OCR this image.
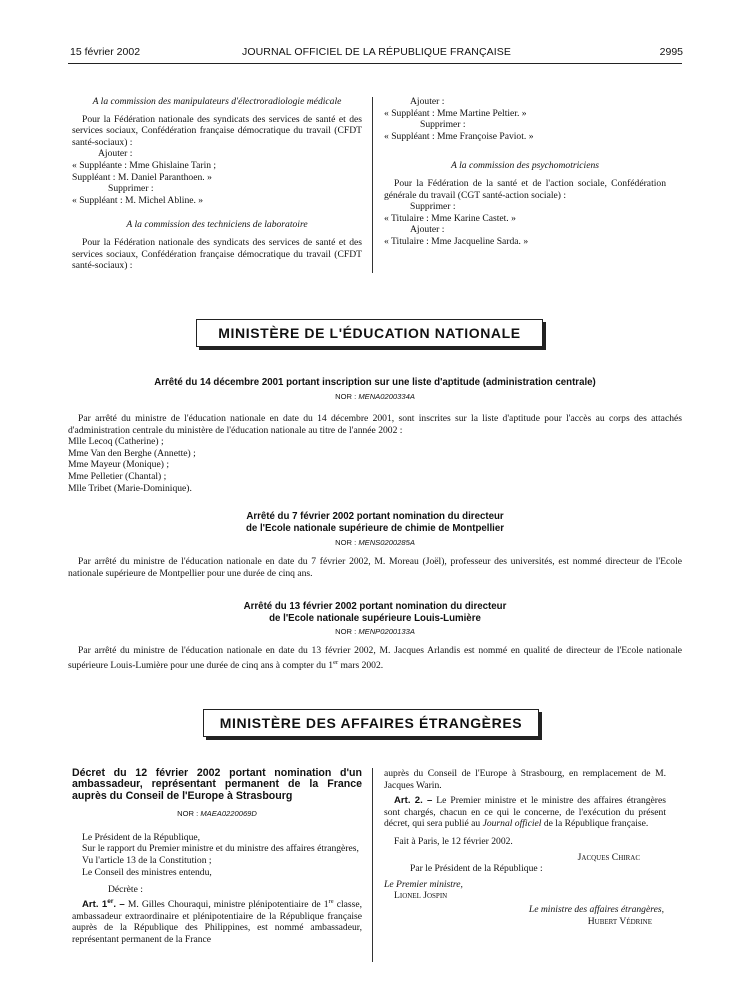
15 février 2002	JOURNAL OFFICIEL DE LA RÉPUBLIQUE FRANÇAISE	2995

A la commission des manipulateurs d'électroradiologie médicale

Pour la Fédération nationale des syndicats des services de santé et des services sociaux, Confédération française démocratique du travail (CFDT santé-sociaux) :

Ajouter :

« Suppléante : Mme Ghislaine Tarin ;

Suppléant : M. Daniel Paranthoen. »

Supprimer :

« Suppléant : M. Michel Abline. »

A la commission des techniciens de laboratoire

Pour la Fédération nationale des syndicats des services de santé et des services sociaux, Confédération française démocratique du travail (CFDT santé-sociaux) :

Ajouter :

« Suppléant : Mme Martine Peltier. »

Supprimer :

« Suppléant : Mme Françoise Paviot. »

A la commission des psychomotriciens

Pour la Fédération de la santé et de l'action sociale, Confédération générale du travail (CGT santé-action sociale) :

Supprimer :

« Titulaire : Mme Karine Castet. »

Ajouter :

« Titulaire : Mme Jacqueline Sarda. »

MINISTÈRE DE L'ÉDUCATION NATIONALE
Arrêté du 14 décembre 2001 portant inscription sur une liste d'aptitude (administration centrale)
NOR : MENA0200334A

Par arrêté du ministre de l'éducation nationale en date du 14 décembre 2001, sont inscrites sur la liste d'aptitude pour l'accès au corps des attachés d'administration centrale du ministère de l'éducation nationale au titre de l'année 2002 :

Mlle Lecoq (Catherine) ;

Mme Van den Berghe (Annette) ;

Mme Mayeur (Monique) ;

Mme Pelletier (Chantal) ;

Mlle Tribet (Marie-Dominique).

Arrêté du 7 février 2002 portant nomination du directeur
de l'Ecole nationale supérieure de chimie de Montpellier
NOR : MENS0200285A

Par arrêté du ministre de l'éducation nationale en date du 7 février 2002, M. Moreau (Joël), professeur des universités, est nommé directeur de l'Ecole nationale supérieure de Montpellier pour une durée de cinq ans.

Arrêté du 13 février 2002 portant nomination du directeur
de l'Ecole nationale supérieure Louis-Lumière
NOR : MENP0200133A

Par arrêté du ministre de l'éducation nationale en date du 13 février 2002, M. Jacques Arlandis est nommé en qualité de directeur de l'Ecole nationale supérieure Louis-Lumière pour une durée de cinq ans à compter du 1er mars 2002.

MINISTÈRE DES AFFAIRES ÉTRANGÈRES

Décret du 12 février 2002 portant nomination d'un ambassadeur, représentant permanent de la France auprès du Conseil de l'Europe à Strasbourg

NOR : MAEA0220069D

Le Président de la République,

Sur le rapport du Premier ministre et du ministre des affaires étrangères,

Vu l'article 13 de la Constitution ;

Le Conseil des ministres entendu,

Décrète :

Art. 1er. – M. Gilles Chouraqui, ministre plénipotentiaire de 1re classe, ambassadeur extraordinaire et plénipotentiaire de la République française auprès de la République des Philippines, est nommé ambassadeur, représentant permanent de la France

auprès du Conseil de l'Europe à Strasbourg, en remplacement de M. Jacques Warin.

Art. 2. – Le Premier ministre et le ministre des affaires étrangères sont chargés, chacun en ce qui le concerne, de l'exécution du présent décret, qui sera publié au Journal officiel de la République française.

Fait à Paris, le 12 février 2002.

Jacques Chirac

Par le Président de la République :

Le Premier ministre,

Lionel Jospin

Le ministre des affaires étrangères,

Hubert Védrine
